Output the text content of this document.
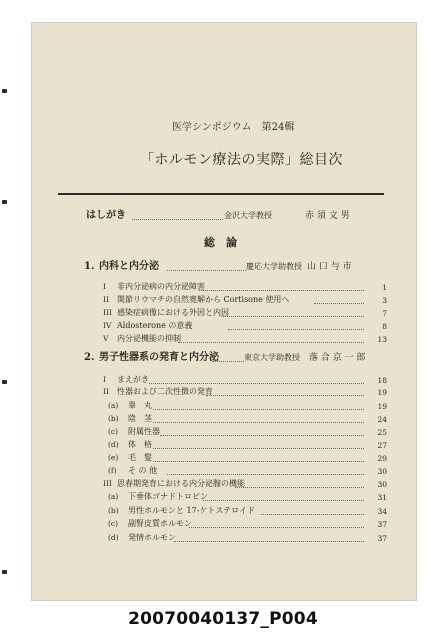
医学シンポジウム　第24輯
「ホルモン療法の実際」総目次
はしがき	金沢大学教授	赤 須 文 男
総　論
1. 内科と内分泌	慶応大学助教授 山 口 与 市
I 非内分泌病の内分泌障害	1
II 関節リウマチの自然寛解から Cortisone 使用へ	3
III 感染症病像における外因と内因	7
IV Aldosterone の意義	8
V 内分泌機能の抑制	13
2. 男子性器系の発育と内分泌	東京大学助教授 落 合 京 一 郎
I まえがき	18
II 性器および二次性徴の発育	19
(a) 睾　丸	19
(b) 陰　茎	24
(c) 附属性器	25
(d) 体　格	27
(e) 毛　髪	29
(f) そ の 他	30
III 思春期発育における内分泌腺の機能	30
(a) 下垂体ゴナドトロピン	31
(b) 男性ホルモンと 17-ケトステロイド	34
(c) 副腎皮質ホルモン	37
(d) 発情ホルモン	37
20070040137_P004
